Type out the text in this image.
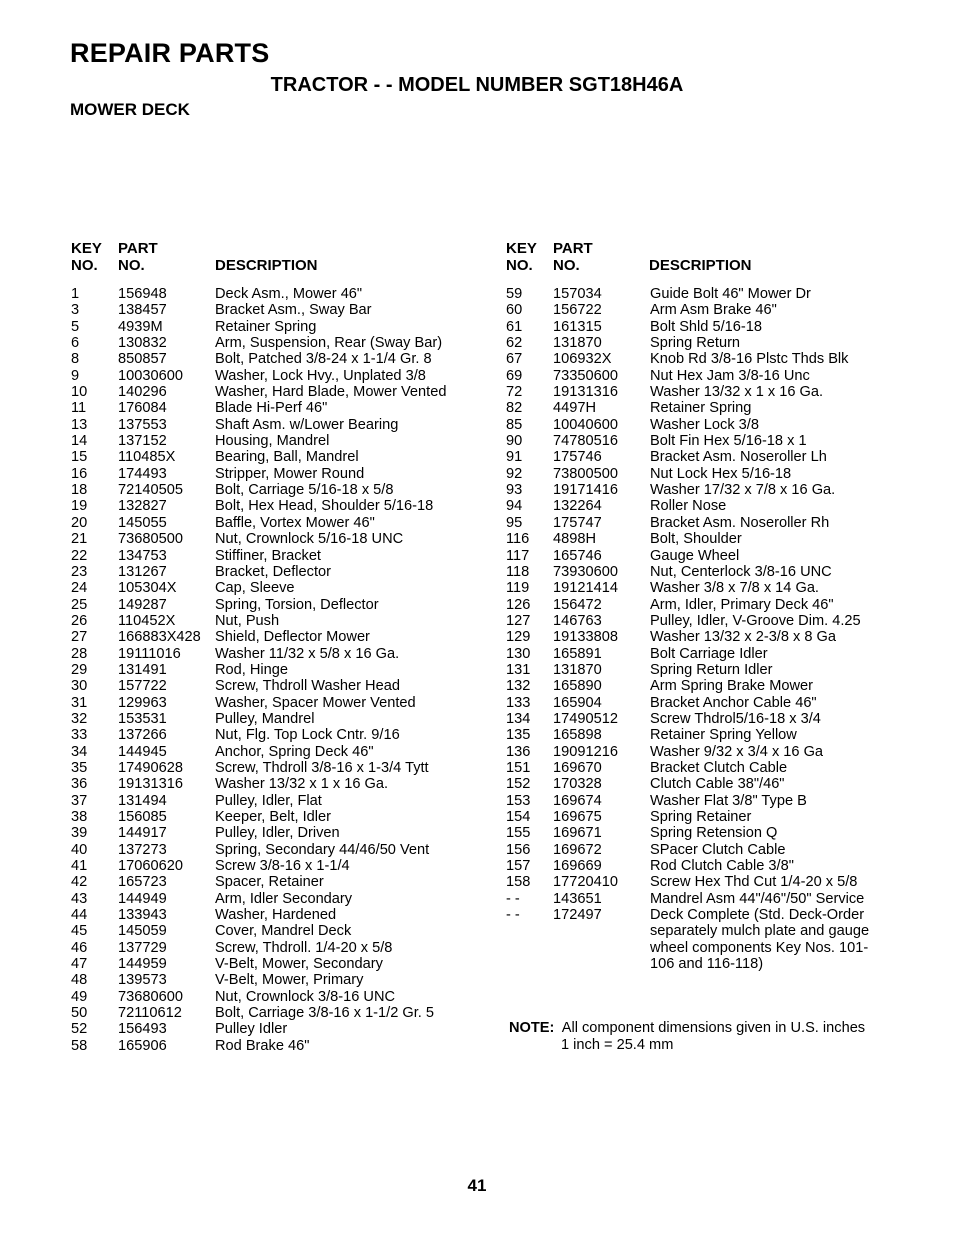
REPAIR PARTS
TRACTOR - - MODEL NUMBER SGT18H46A
MOWER DECK
KEY
NO.
PART
NO.	DESCRIPTION
1	156948	Deck Asm., Mower 46"
3	138457	Bracket Asm., Sway Bar
5	4939M	Retainer Spring
6	130832	Arm, Suspension, Rear (Sway Bar)
8	850857	Bolt, Patched 3/8-24 x 1-1/4 Gr. 8
9	10030600 Washer, Lock Hvy., Unplated 3/8
10 140296	Washer, Hard Blade, Mower Vented
11 176084	Blade Hi-Perf 46"
13 137553	Shaft Asm. w/Lower Bearing
14 137152	Housing, Mandrel
15 110485X	Bearing, Ball, Mandrel
16 174493	Stripper, Mower Round
18 72140505 Bolt, Carriage 5/16-18 x 5/8
19 132827	Bolt, Hex Head, Shoulder 5/16-18
20 145055	Baffle, Vortex Mower 46"
21 73680500 Nut, Crownlock 5/16-18 UNC
22 134753	Stiffiner, Bracket
23 131267	Bracket, Deflector
24 105304X	Cap, Sleeve
25 149287	Spring, Torsion, Deflector
26 110452X	Nut, Push
27 166883X428 Shield, Deflector Mower
28 19111016 Washer 11/32 x 5/8 x 16 Ga.
29 131491	Rod, Hinge
30 157722	Screw, Thdroll Washer Head
31 129963	Washer, Spacer Mower Vented
32 153531	Pulley, Mandrel
33 137266	Nut, Flg. Top Lock Cntr. 9/16
34 144945	Anchor, Spring Deck 46"
35 17490628 Screw, Thdroll 3/8-16 x 1-3/4 Tytt
36 19131316 Washer 13/32 x 1 x 16 Ga.
37 131494	Pulley, Idler, Flat
38 156085	Keeper, Belt, Idler
39 144917	Pulley, Idler, Driven
40 137273	Spring, Secondary 44/46/50 Vent
41 17060620 Screw 3/8-16 x 1-1/4
42 165723	Spacer, Retainer
43 144949	Arm, Idler Secondary
44 133943	Washer, Hardened
45 145059	Cover, Mandrel Deck
46 137729	Screw, Thdroll. 1/4-20 x 5/8
47 144959	V-Belt, Mower, Secondary
48 139573	V-Belt, Mower, Primary
49 73680600 Nut, Crownlock 3/8-16 UNC
50 72110612 Bolt, Carriage 3/8-16 x 1-1/2 Gr. 5
52 156493	Pulley Idler
58 165906	Rod Brake 46"
KEY
NO.
PART
NO.	DESCRIPTION
59 157034	Guide Bolt 46" Mower Dr
60 156722	Arm Asm Brake 46"
61 161315	Bolt Shld 5/16-18
62 131870	Spring Return
67 106932X	Knob Rd 3/8-16 Plstc Thds Blk
69 73350600 Nut Hex Jam 3/8-16 Unc
72 19131316 Washer 13/32 x 1 x 16 Ga.
82 4497H	Retainer Spring
85 10040600 Washer Lock 3/8
90 74780516 Bolt Fin Hex 5/16-18 x 1
91 175746	Bracket Asm. Noseroller Lh
92 73800500 Nut Lock Hex 5/16-18
93 19171416 Washer 17/32 x 7/8 x 16 Ga.
94 132264	Roller Nose
95 175747	Bracket Asm. Noseroller Rh
116 4898H	Bolt, Shoulder
117 165746	Gauge Wheel
118 73930600 Nut, Centerlock 3/8-16 UNC
119 19121414 Washer 3/8 x 7/8 x 14 Ga.
126 156472	Arm, Idler, Primary Deck 46"
127 146763	Pulley, Idler, V-Groove Dim. 4.25
129 19133808 Washer 13/32 x 2-3/8 x 8 Ga
130 165891	Bolt Carriage Idler
131 131870	Spring Return Idler
132 165890	Arm Spring Brake Mower
133 165904	Bracket Anchor Cable 46"
134 17490512 Screw Thdrol5/16-18 x 3/4
135 165898	Retainer Spring Yellow
136 19091216 Washer 9/32 x 3/4 x 16 Ga
151 169670	Bracket Clutch Cable
152 170328	Clutch Cable 38"/46"
153 169674	Washer Flat 3/8" Type B
154 169675	Spring Retainer
155 169671	Spring Retension Q
156 169672	SPacer Clutch Cable
157 169669	Rod Clutch Cable 3/8"
158 17720410 Screw Hex Thd Cut 1/4-20 x 5/8
- - 143651	Mandrel Asm 44"/46"/50" Service
- - 172497	Deck Complete (Std. Deck-Order
separately mulch plate and gauge
wheel components Key Nos. 101-
106 and 116-118)
NOTE: All component dimensions given in U.S. inches
1 inch = 25.4 mm
41
